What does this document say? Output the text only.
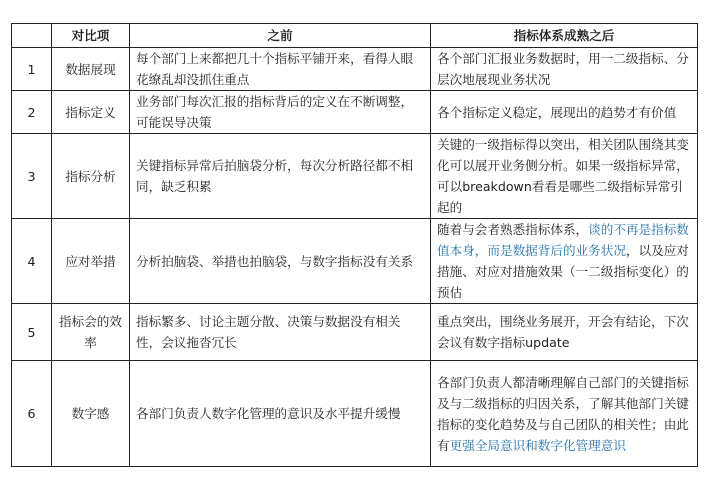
	对比项	之前	指标体系成熟之后
1	数据展现	每个部门上来都把几十个指标平铺开来，看得人眼花缭乱却没抓住重点	各个部门汇报业务数据时，用一二级指标、分层次地展现业务状况
2	指标定义	业务部门每次汇报的指标背后的定义在不断调整，可能误导决策	各个指标定义稳定，展现出的趋势才有价值
3	指标分析	关键指标异常后拍脑袋分析，每次分析路径都不相同，缺乏积累	关键的一级指标得以突出，相关团队围绕其变化可以展开业务侧分析。如果一级指标异常，可以breakdown看看是哪些二级指标异常引起的
4	应对举措	分析拍脑袋、举措也拍脑袋，与数字指标没有关系	随着与会者熟悉指标体系，谈的不再是指标数值本身，而是数据背后的业务状况，以及应对措施、对应对措施效果（一二级指标变化）的预估
5	指标会的效率	指标繁多、讨论主题分散、决策与数据没有相关性，会议拖沓冗长	重点突出，围绕业务展开，开会有结论，下次会议有数字指标update
6	数字感	各部门负责人数字化管理的意识及水平提升缓慢	各部门负责人都清晰理解自己部门的关键指标及与二级指标的归因关系，了解其他部门关键指标的变化趋势及与自己团队的相关性；由此有更强全局意识和数字化管理意识
